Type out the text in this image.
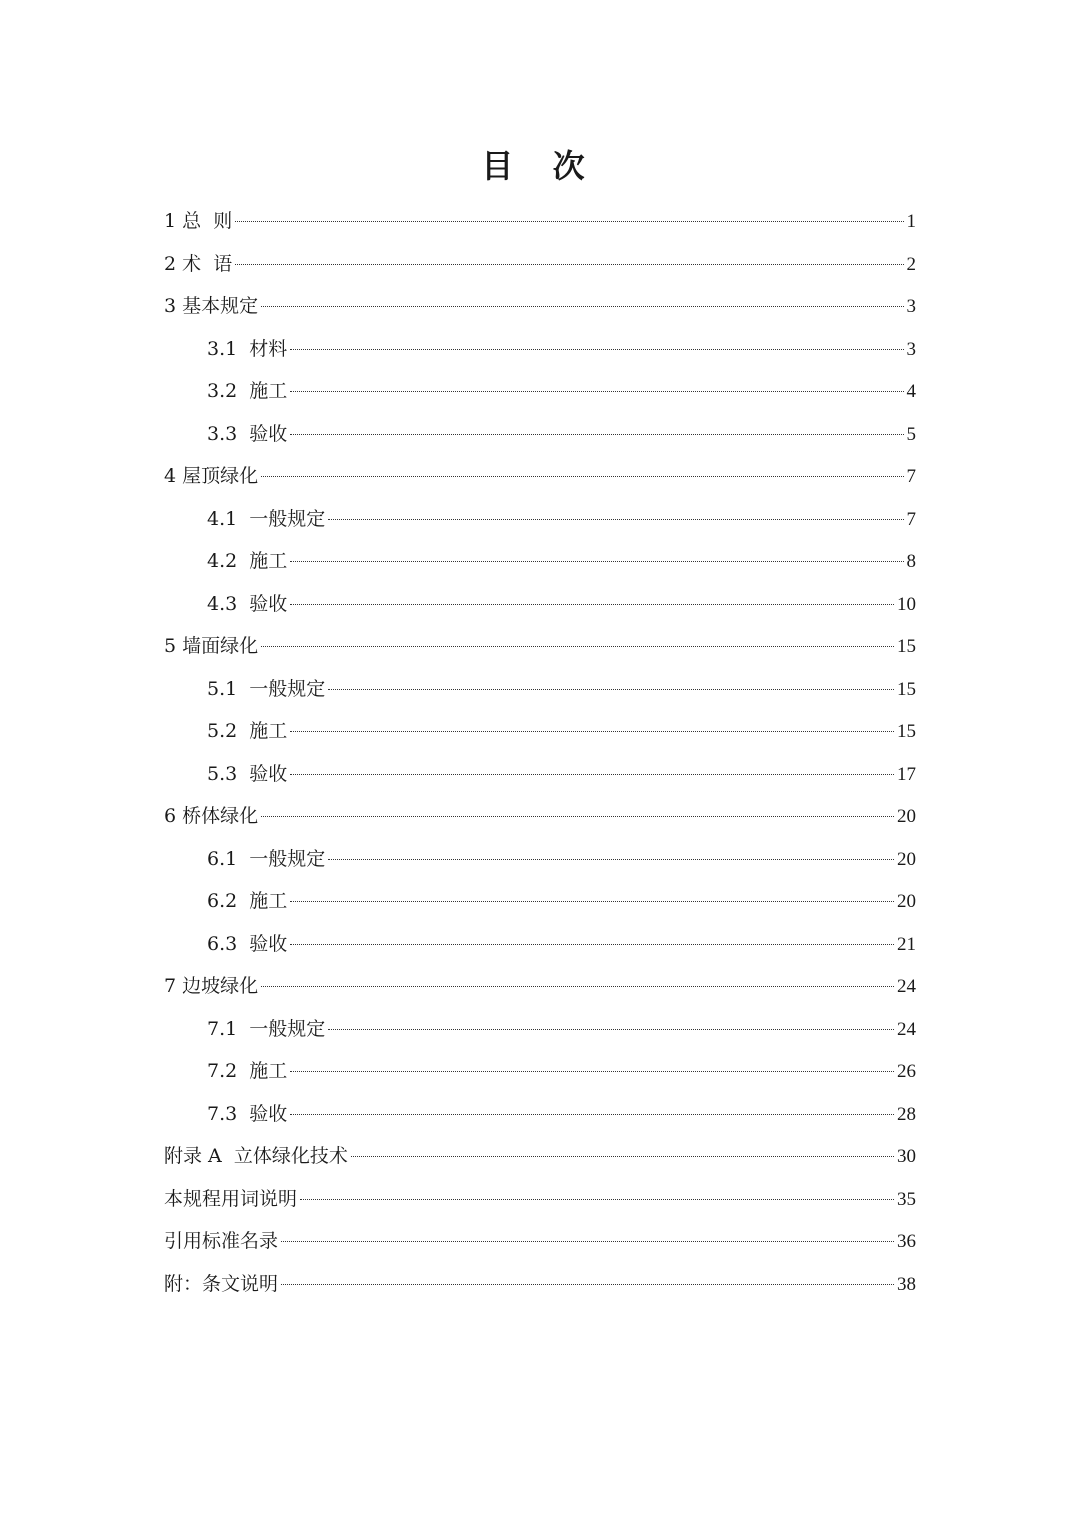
目 次
1 总  则	1
2 术  语	2
3 基本规定	3
3.1  材料	3
3.2  施工	4
3.3  验收	5
4 屋顶绿化	7
4.1  一般规定	7
4.2  施工	8
4.3  验收	10
5 墙面绿化	15
5.1  一般规定	15
5.2  施工	15
5.3  验收	17
6 桥体绿化	20
6.1  一般规定	20
6.2  施工	20
6.3  验收	21
7 边坡绿化	24
7.1  一般规定	24
7.2  施工	26
7.3  验收	28
附录 A  立体绿化技术	30
本规程用词说明	35
引用标准名录	36
附：条文说明	38
